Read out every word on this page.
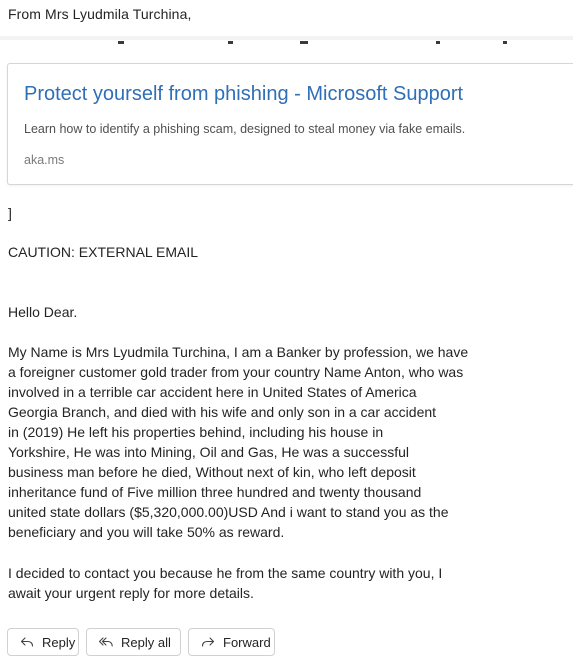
From Mrs Lyudmila Turchina,
Protect yourself from phishing - Microsoft Support
Learn how to identify a phishing scam, designed to steal money via fake emails.
aka.ms
]
CAUTION: EXTERNAL EMAIL
Hello Dear.
My Name is Mrs Lyudmila Turchina, I am a Banker by profession, we have
a foreigner customer gold trader from your country Name Anton, who was
involved in a terrible car accident here in United States of America
Georgia Branch, and died with his wife and only son in a car accident
in (2019) He left his properties behind, including his house in
Yorkshire, He was into Mining, Oil and Gas, He was a successful
business man before he died, Without next of kin, who left deposit
inheritance fund of Five million three hundred and twenty thousand
united state dollars ($5,320,000.00)USD And i want to stand you as the
beneficiary and you will take 50% as reward.
I decided to contact you because he from the same country with you, I
await your urgent reply for more details.
Reply	Reply all	Forward
